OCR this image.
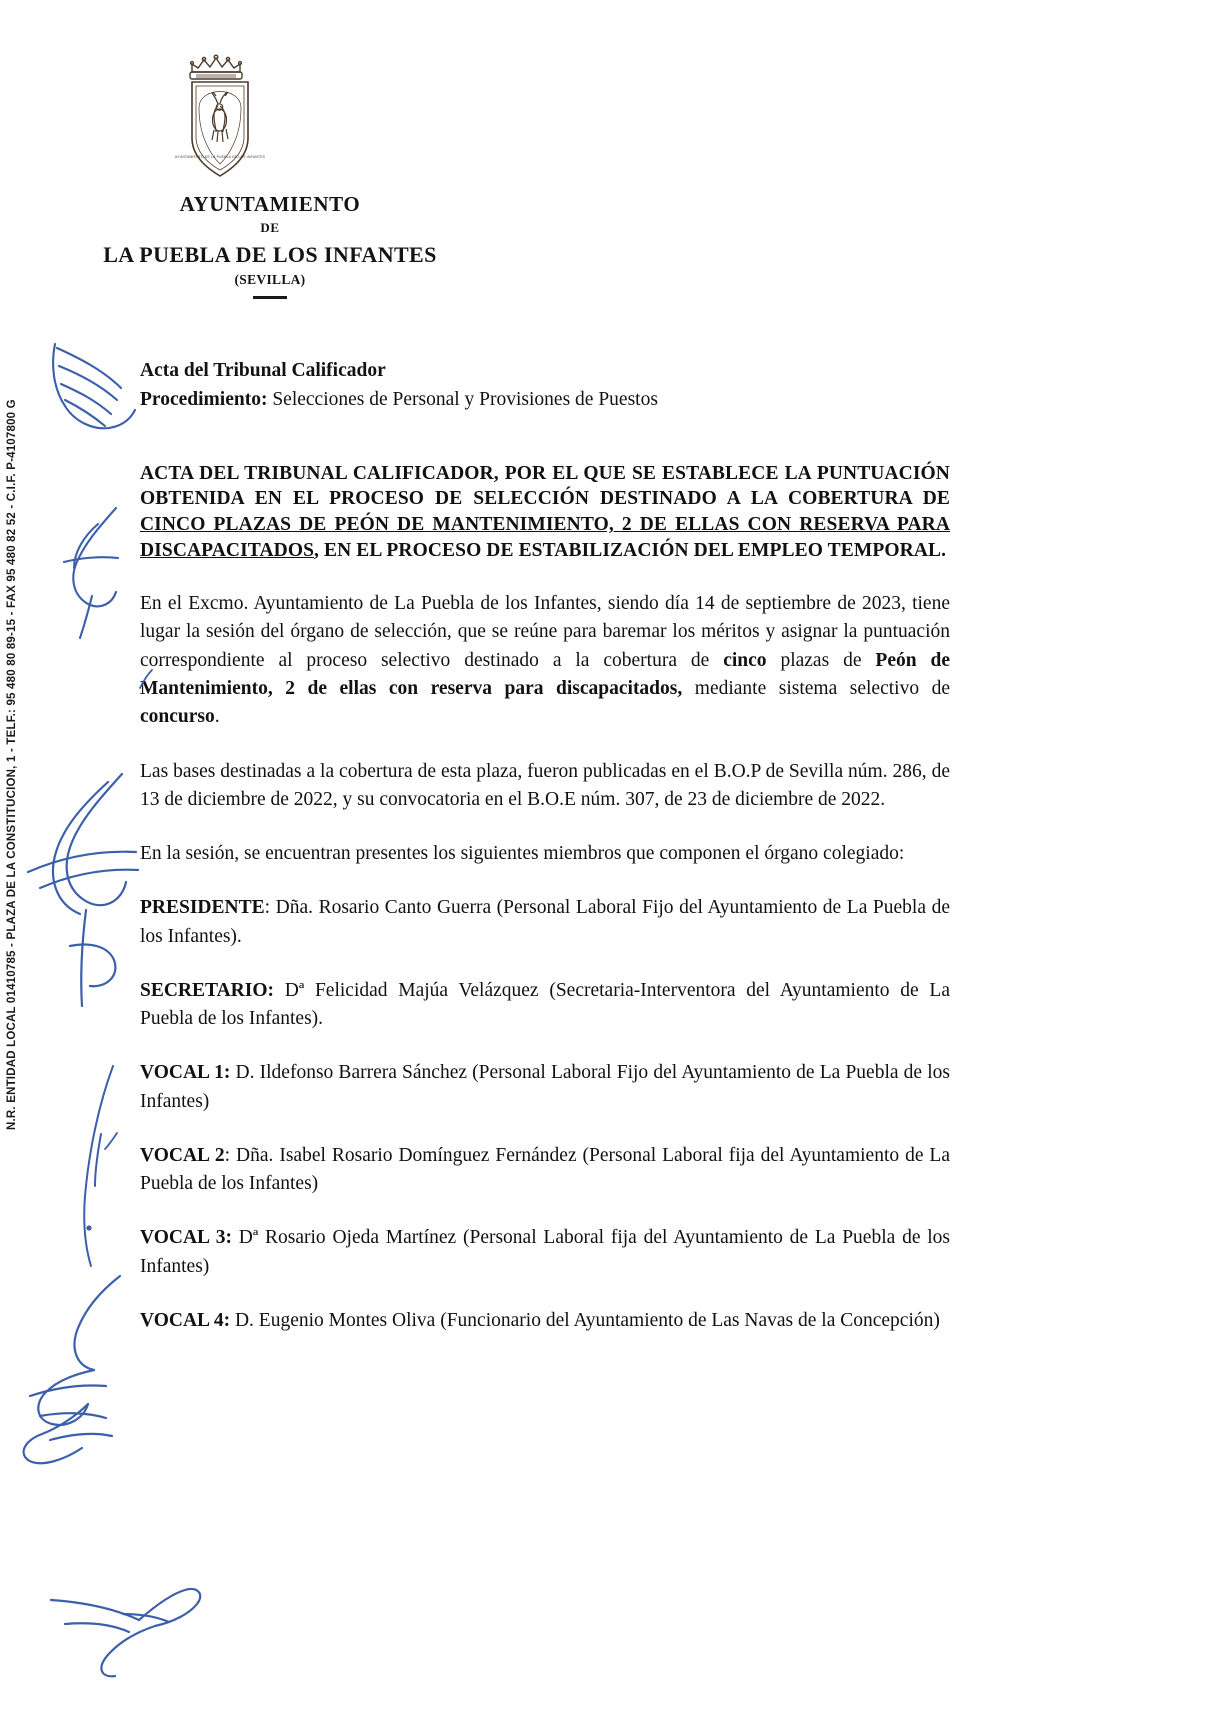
N.R. ENTIDAD LOCAL 01410785 - PLAZA DE LA CONSTITUCION, 1 - TELF.: 95 480 80 89-15 - FAX 95 480 82 52 - C.I.F. P-4107800 G
AYUNTAMIENTO DE LA PUEBLA DE LOS INFANTES
AYUNTAMIENTO
DE
LA PUEBLA DE LOS INFANTES
(SEVILLA)
Acta del Tribunal Calificador
Procedimiento: Selecciones de Personal y Provisiones de Puestos
ACTA DEL TRIBUNAL CALIFICADOR, POR EL QUE SE ESTABLECE LA PUNTUACIÓN OBTENIDA EN EL PROCESO DE SELECCIÓN DESTINADO A LA COBERTURA DE CINCO PLAZAS DE PEÓN DE MANTENIMIENTO, 2 DE ELLAS CON RESERVA PARA DISCAPACITADOS, EN EL PROCESO DE ESTABILIZACIÓN DEL EMPLEO TEMPORAL.

En el Excmo. Ayuntamiento de La Puebla de los Infantes, siendo día 14 de septiembre de 2023, tiene lugar la sesión del órgano de selección, que se reúne para baremar los méritos y asignar la puntuación correspondiente al proceso selectivo destinado a la cobertura de cinco plazas de Peón de Mantenimiento, 2 de ellas con reserva para discapacitados, mediante sistema selectivo de concurso.

Las bases destinadas a la cobertura de esta plaza, fueron publicadas en el B.O.P de Sevilla núm. 286, de 13 de diciembre de 2022, y su convocatoria en el B.O.E núm. 307, de 23 de diciembre de 2022.

En la sesión, se encuentran presentes los siguientes miembros que componen el órgano colegiado:

PRESIDENTE: Dña. Rosario Canto Guerra (Personal Laboral Fijo del Ayuntamiento de La Puebla de los Infantes).

SECRETARIO: Dª Felicidad Majúa Velázquez (Secretaria-Interventora del Ayuntamiento de La Puebla de los Infantes).

VOCAL 1: D. Ildefonso Barrera Sánchez (Personal Laboral Fijo del Ayuntamiento de La Puebla de los Infantes)

VOCAL 2: Dña. Isabel Rosario Domínguez Fernández (Personal Laboral fija del Ayuntamiento de La Puebla de los Infantes)

VOCAL 3: Dª Rosario Ojeda Martínez (Personal Laboral fija del Ayuntamiento de La Puebla de los Infantes)

VOCAL 4: D. Eugenio Montes Oliva (Funcionario del Ayuntamiento de Las Navas de la Concepción)
